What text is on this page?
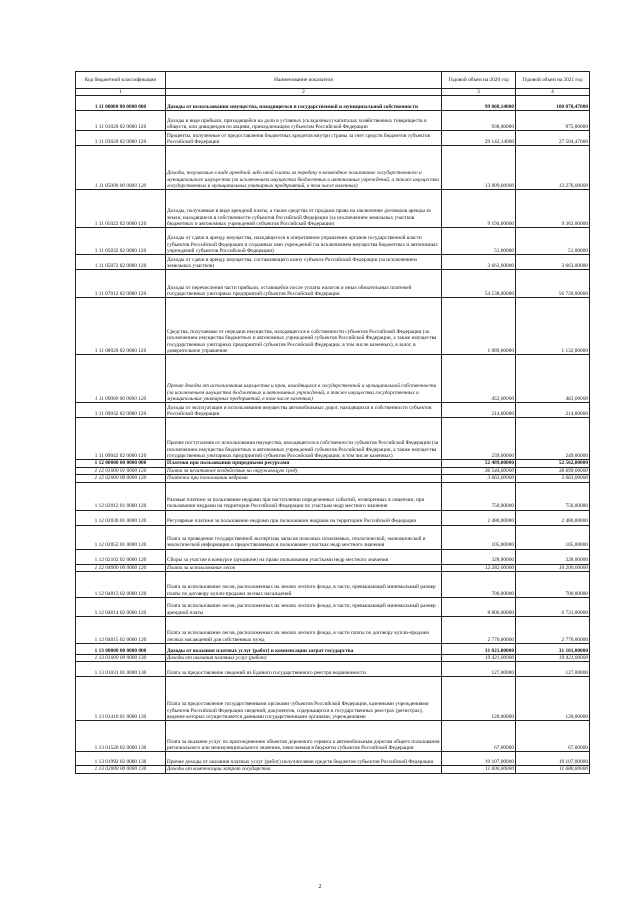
Код бюджетной классификации	Наименование показателя	Годовой объем на 2020 год	Годовой объем на 2021 год
1	2	3	4
1 11 00000 00 0000 000	Доходы от использования имущества, находящегося в государственной и муниципальной собственности	99 068,14000	100 070,47000
1 11 01020 02 0000 120	Доходы в виде прибыли, приходящейся на доли в уставных (складочных) капиталах хозяйственных товариществ и обществ, или дивидендов по акциям, принадлежащим субъектам Российской Федерации	938,00000	975,00000
1 11 03020 02 0000 120	Проценты, полученные от предоставления бюджетных кредитов внутри страны за счет средств бюджетов субъектов Российской Федерации	29 142,14000	27 504,47000
1 11 05000 00 0000 120	Доходы, получаемые в виде арендной либо иной платы за передачу в возмездное пользование государственного и муниципального имущества (за исключением имущества бюджетных и автономных учреждений, а также имущества государственных и муниципальных унитарных предприятий, в том числе казенных)	13 909,00000	13 276,00000
1 11 05022 02 0000 120	Доходы, получаемые в виде арендной платы, а также средства от продажи права на заключение договоров аренды за земли, находящиеся в собственности субъектов Российской Федерации (за исключением земельных участков бюджетных и автономных учреждений субъектов Российской Федерации)	9 194,00000	9 362,00000
1 11 05032 02 0000 120	Доходы от сдачи в аренду имущества, находящегося в оперативном управлении органов государственной власти субъектов Российской Федерации и созданных ими учреждений (за исключением имущества бюджетных и автономных учреждений субъектов Российской Федерации)	51,00000	51,00000
1 11 05072 02 0000 120	Доходы от сдачи в аренду имущества, составляющего казну субъекта Российской Федерации (за исключением земельных участков)	3 663,00000	3 663,00000
1 11 07012 02 0000 120	Доходы от перечисления части прибыли, остающейся после уплаты налогов и иных обязательных платежей государственных унитарных предприятий субъектов Российской Федерации	54 538,00000	56 720,00000
1 11 08020 02 0000 120	Средства, получаемые от передачи имущества, находящегося в собственности субъектов Российской Федерации (за исключением имущества бюджетных и автономных учреждений субъектов Российской Федерации, а также имущества государственных унитарных предприятий субъектов Российской Федерации, в том числе казенных), в залог, в доверительное управление	1 089,00000	1 132,00000
1 11 09000 00 0000 120	Прочие доходы от использования имущества и прав, находящихся в государственной и муниципальной собственности (за исключением имущества бюджетных и автономных учреждений, а также имущества государственных и муниципальных унитарных предприятий, в том числе казенных)	453,00000	463,00000
1 11 09032 02 0000 120	Доходы от эксплуатации и использования имущества автомобильных дорог, находящихся в собственности субъектов Российской Федерации	214,00000	214,00000
1 11 09042 02 0000 120	Прочие поступления от использования имущества, находящегося в собственности субъектов Российской Федерации (за исключением имущества бюджетных и автономных учреждений субъектов Российской Федерации, а также имущества государственных унитарных предприятий субъектов Российской Федерации, в том числе казенных)	239,00000	249,00000
1 12 00000 00 0000 000	Платежи при пользовании природными ресурсами	52 489,00000	52 562,00000
1 12 01000 01 0000 120	Плата за негативное воздействие на окружающую среду	36 544,00000	38 699,00000
1 12 02000 00 0000 120	Платежи при пользовании недрами	3 663,00000	3 663,00000
1 12 02012 01 0000 120	Разовые платежи за пользование недрами при наступлении определенных событий, оговоренных в лицензии, при пользовании недрами на территории Российской Федерации по участкам недр местного значения	750,00000	750,00000
1 12 02030 01 0000 120	Регулярные платежи за пользование недрами при пользовании недрами на территории Российской Федерации	2 480,00000	2 480,00000
1 12 02052 01 0000 120	Плата за проведение государственной экспертизы запасов полезных ископаемых, геологической, экономической и экологической информации о предоставляемых в пользование участках недр местного значения	105,00000	105,00000
1 12 02102 02 0000 120	Сборы за участие в конкурсе (аукционе) на право пользования участками недр местного значения	328,00000	328,00000
1 12 04000 00 0000 120	Плата за использование лесов	12 282,00000	10 200,00000
1 12 04013 02 0000 120	Плата за использование лесов, расположенных на землях лесного фонда, в части, превышающей минимальный размер платы по договору купли-продажи лесных насаждений	700,00000	700,00000
1 12 04014 02 0000 120	Плата за использование лесов, расположенных на землях лесного фонда, в части, превышающей минимальный размер арендной платы	8 806,00000	6 731,00000
1 12 04015 02 0000 120	Плата за использование лесов, расположенных на землях лесного фонда, в части платы по договору купли-продажи лесных насаждений для собственных нужд	2 776,00000	2 776,00000
1 13 00000 00 0000 000	Доходы от оказания платных услуг (работ) и компенсации затрат государства	31 021,00000	31 101,00000
1 13 01000 00 0000 130	Доходы от оказания платных услуг (работ)	19 421,00000	19 421,00000
1 13 01031 01 0000 130	Плата за предоставление сведений из Единого государственного реестра недвижимости	127,00000	127,00000
1 13 01410 01 0000 130	Плата за предоставление государственными органами субъектов Российской Федерации, казенными учреждениями субъектов Российской Федерации сведений, документов, содержащихся в государственных реестрах (регистрах), ведение которых осуществляется данными государственными органами, учреждениями	120,00000	120,00000
1 13 01520 02 0000 130	Плата за оказание услуг по присоединению объектов дорожного сервиса к автомобильным дорогам общего пользования регионального или межмуниципального значения, зачисляемая в бюджеты субъектов Российской Федерации	67,00000	67,00000
1 13 01992 02 0000 130	Прочие доходы от оказания платных услуг (работ) получателями средств бюджетов субъектов Российской Федерации	19 107,00000	19 107,00000
1 13 02000 00 0000 130	Доходы от компенсации затрат государства	11 600,00000	11 680,00000
2
